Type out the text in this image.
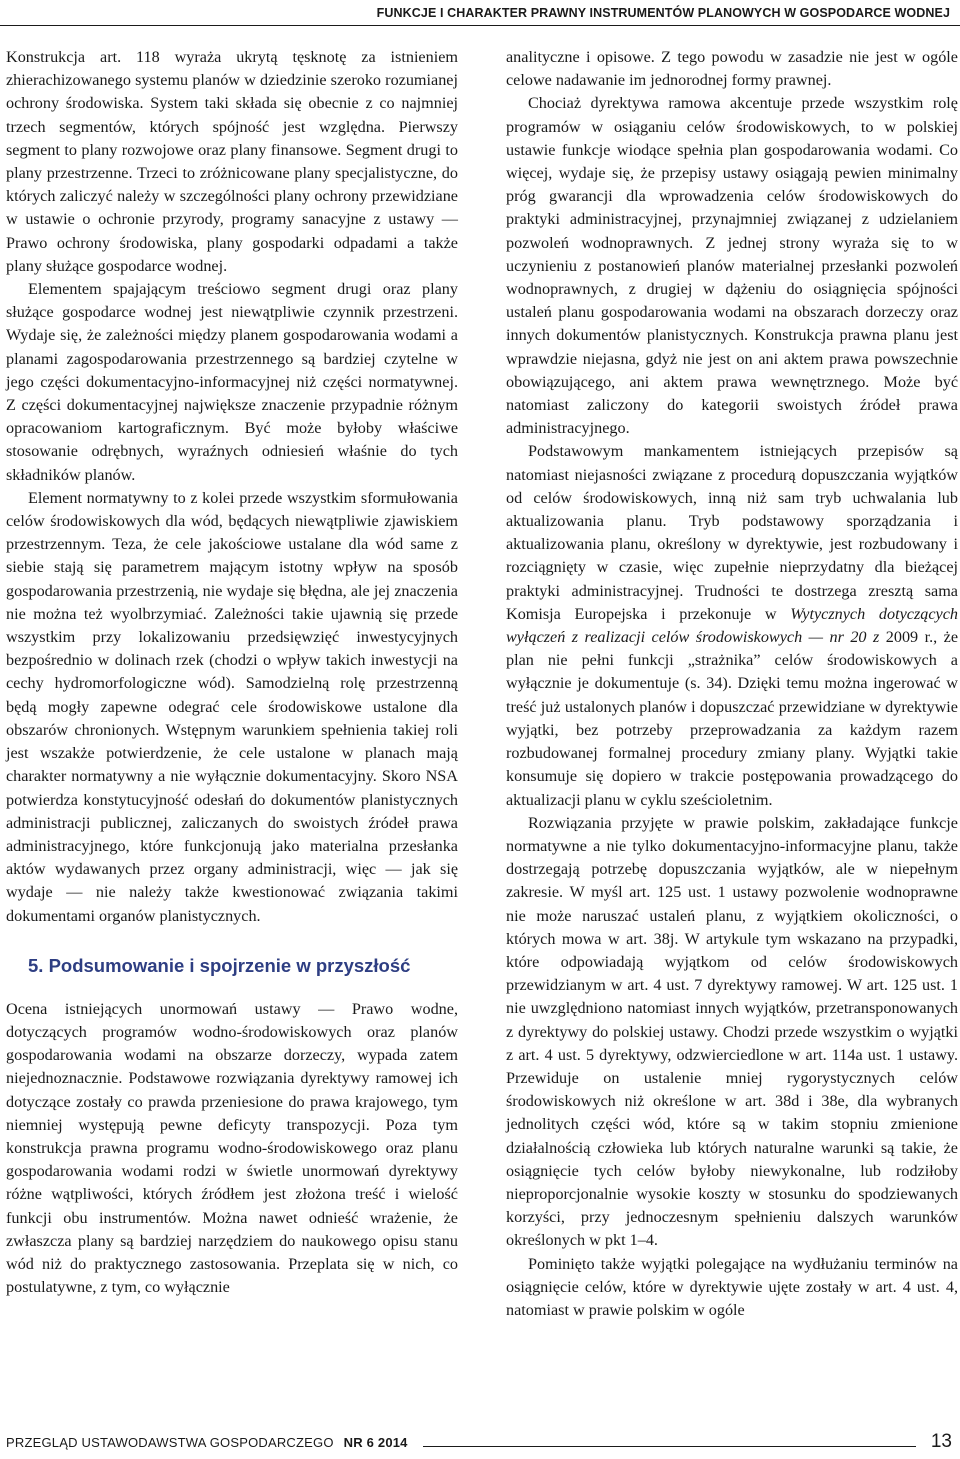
FUNKCJE I CHARAKTER PRAWNY INSTRUMENTÓW PLANOWYCH W GOSPODARCE WODNEJ

Konstrukcja art. 118 wyraża ukrytą tęsknotę za istnieniem zhierachizowanego systemu planów w dziedzinie szeroko rozumianej ochrony środowiska. System taki składa się obecnie z co najmniej trzech segmentów, których spójność jest względna. Pierwszy segment to plany rozwojowe oraz plany finansowe. Segment drugi to plany przestrzenne. Trzeci to zróżnicowane plany specjalistyczne, do których zaliczyć należy w szczególności plany ochrony przewidziane w ustawie o ochronie przyrody, programy sanacyjne z ustawy — Prawo ochrony środowiska, plany gospodarki odpadami a także plany służące gospodarce wodnej.

Elementem spajającym treściowo segment drugi oraz plany służące gospodarce wodnej jest niewątpliwie czynnik przestrzeni. Wydaje się, że zależności między planem gospodarowania wodami a planami zagospodarowania przestrzennego są bardziej czytelne w jego części dokumentacyjno-informacyjnej niż części normatywnej. Z części dokumentacyjnej największe znaczenie przypadnie różnym opracowaniom kartograficznym. Być może byłoby właściwe stosowanie odrębnych, wyraźnych odniesień właśnie do tych składników planów.

Element normatywny to z kolei przede wszystkim sformułowania celów środowiskowych dla wód, będących niewątpliwie zjawiskiem przestrzennym. Teza, że cele jakościowe ustalane dla wód same z siebie stają się parametrem mającym istotny wpływ na sposób gospodarowania przestrzenią, nie wydaje się błędna, ale jej znaczenia nie można też wyolbrzymiać. Zależności takie ujawnią się przede wszystkim przy lokalizowaniu przedsięwzięć inwestycyjnych bezpośrednio w dolinach rzek (chodzi o wpływ takich inwestycji na cechy hydromorfologiczne wód). Samodzielną rolę przestrzenną będą mogły zapewne odegrać cele środowiskowe ustalone dla obszarów chronionych. Wstępnym warunkiem spełnienia takiej roli jest wszakże potwierdzenie, że cele ustalone w planach mają charakter normatywny a nie wyłącznie dokumentacyjny. Skoro NSA potwierdza konstytucyjność odesłań do dokumentów planistycznych administracji publicznej, zaliczanych do swoistych źródeł prawa administracyjnego, które funkcjonują jako materialna przesłanka aktów wydawanych przez organy administracji, więc — jak się wydaje — nie należy także kwestionować związania takimi dokumentami organów planistycznych.

5. Podsumowanie i spojrzenie w przyszłość

Ocena istniejących unormowań ustawy — Prawo wodne, dotyczących programów wodno-środowiskowych oraz planów gospodarowania wodami na obszarze dorzeczy, wypada zatem niejednoznacznie. Podstawowe rozwiązania dyrektywy ramowej ich dotyczące zostały co prawda przeniesione do prawa krajowego, tym niemniej występują pewne deficyty transpozycji. Poza tym konstrukcja prawna programu wodno-środowiskowego oraz planu gospodarowania wodami rodzi w świetle unormowań dyrektywy różne wątpliwości, których źródłem jest złożona treść i wielość funkcji obu instrumentów. Można nawet odnieść wrażenie, że zwłaszcza plany są bardziej narzędziem do naukowego opisu stanu wód niż do praktycznego zastosowania. Przeplata się w nich, co postulatywne, z tym, co wyłącznie

analityczne i opisowe. Z tego powodu w zasadzie nie jest w ogóle celowe nadawanie im jednorodnej formy prawnej.

Chociaż dyrektywa ramowa akcentuje przede wszystkim rolę programów w osiąganiu celów środowiskowych, to w polskiej ustawie funkcje wiodące spełnia plan gospodarowania wodami. Co więcej, wydaje się, że przepisy ustawy osiągają pewien minimalny próg gwarancji dla wprowadzenia celów środowiskowych do praktyki administracyjnej, przynajmniej związanej z udzielaniem pozwoleń wodnoprawnych. Z jednej strony wyraża się to w uczynieniu z postanowień planów materialnej przesłanki pozwoleń wodnoprawnych, z drugiej w dążeniu do osiągnięcia spójności ustaleń planu gospodarowania wodami na obszarach dorzeczy oraz innych dokumentów planistycznych. Konstrukcja prawna planu jest wprawdzie niejasna, gdyż nie jest on ani aktem prawa powszechnie obowiązującego, ani aktem prawa wewnętrznego. Może być natomiast zaliczony do kategorii swoistych źródeł prawa administracyjnego.

Podstawowym mankamentem istniejących przepisów są natomiast niejasności związane z procedurą dopuszczania wyjątków od celów środowiskowych, inną niż sam tryb uchwalania lub aktualizowania planu. Tryb podstawowy sporządzania i aktualizowania planu, określony w dyrektywie, jest rozbudowany i rozciągnięty w czasie, więc zupełnie nieprzydatny dla bieżącej praktyki administracyjnej. Trudności te dostrzega zresztą sama Komisja Europejska i przekonuje w Wytycznych dotyczących wyłączeń z realizacji celów środowiskowych — nr 20 z 2009 r., że plan nie pełni funkcji „strażnika” celów środowiskowych a wyłącznie je dokumentuje (s. 34). Dzięki temu można ingerować w treść już ustalonych planów i dopuszczać przewidziane w dyrektywie wyjątki, bez potrzeby przeprowadzania za każdym razem rozbudowanej formalnej procedury zmiany plany. Wyjątki takie konsumuje się dopiero w trakcie postępowania prowadzącego do aktualizacji planu w cyklu sześcioletnim.

Rozwiązania przyjęte w prawie polskim, zakładające funkcje normatywne a nie tylko dokumentacyjno-informacyjne planu, także dostrzegają potrzebę dopuszczania wyjątków, ale w niepełnym zakresie. W myśl art. 125 ust. 1 ustawy pozwolenie wodnoprawne nie może naruszać ustaleń planu, z wyjątkiem okoliczności, o których mowa w art. 38j. W artykule tym wskazano na przypadki, które odpowiadają wyjątkom od celów środowiskowych przewidzianym w art. 4 ust. 7 dyrektywy ramowej. W art. 125 ust. 1 nie uwzględniono natomiast innych wyjątków, przetransponowanych z dyrektywy do polskiej ustawy. Chodzi przede wszystkim o wyjątki z art. 4 ust. 5 dyrektywy, odzwierciedlone w art. 114a ust. 1 ustawy. Przewiduje on ustalenie mniej rygorystycznych celów środowiskowych niż określone w art. 38d i 38e, dla wybranych jednolitych części wód, które są w takim stopniu zmienione działalnością człowieka lub których naturalne warunki są takie, że osiągnięcie tych celów byłoby niewykonalne, lub rodziłoby nieproporcjonalnie wysokie koszty w stosunku do spodziewanych korzyści, przy jednoczesnym spełnieniu dalszych warunków określonych w pkt 1–4.

Pominięto także wyjątki polegające na wydłużaniu terminów na osiągnięcie celów, które w dyrektywie ujęte zostały w art. 4 ust. 4, natomiast w prawie polskim w ogóle

PRZEGLĄD USTAWODAWSTWA GOSPODARCZEGO NR 6 2014	13
